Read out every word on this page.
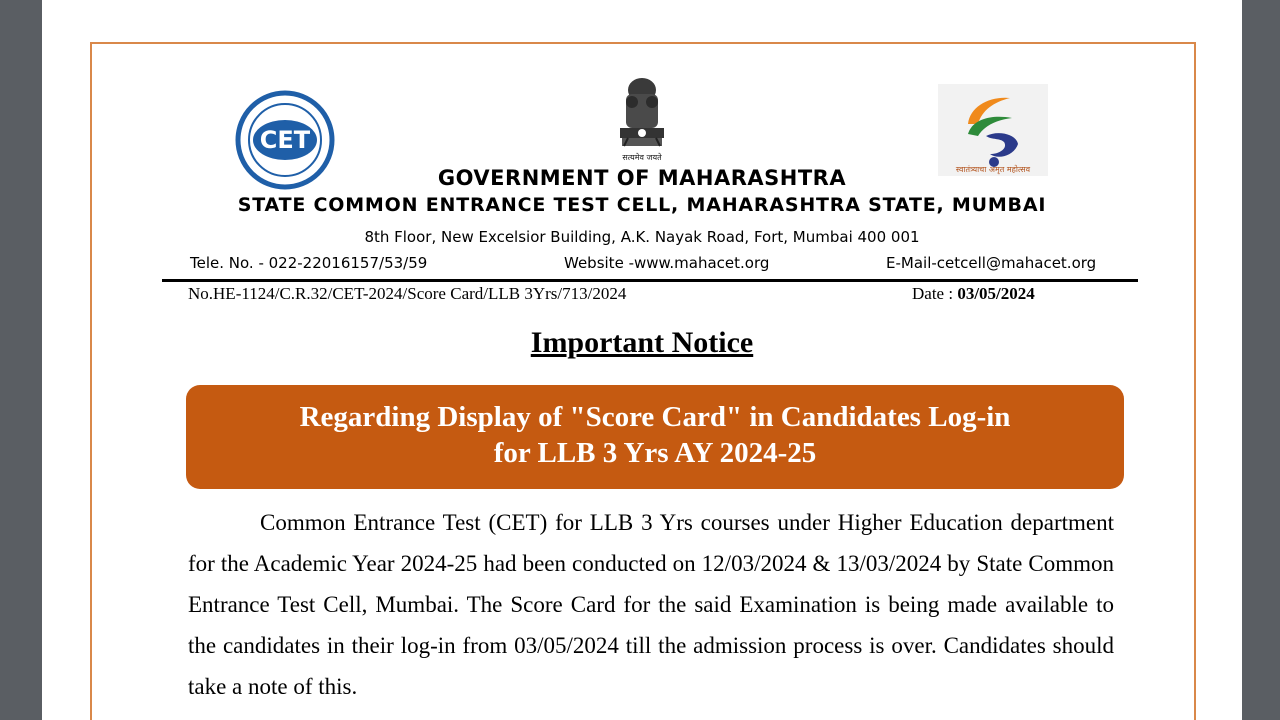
CET
सत्यमेव जयते
स्वातंत्र्याचा अमृत महोत्सव
GOVERNMENT OF MAHARASHTRA
STATE COMMON ENTRANCE TEST CELL, MAHARASHTRA STATE, MUMBAI
8th Floor, New Excelsior Building, A.K. Nayak Road, Fort, Mumbai 400 001
Tele. No. - 022-22016157/53/59	Website -www.mahacet.org	E-Mail-cetcell@mahacet.org
No.HE-1124/C.R.32/CET-2024/Score Card/LLB 3Yrs/713/2024	Date : 03/05/2024
Important Notice
Regarding Display of "Score Card" in Candidates Log-in
for LLB 3 Yrs AY 2024-25
Common Entrance Test (CET) for LLB 3 Yrs courses under Higher Education department for the Academic Year 2024-25 had been conducted on 12/03/2024 & 13/03/2024 by State Common Entrance Test Cell, Mumbai. The Score Card for the said Examination is being made available to the candidates in their log-in from 03/05/2024 till the admission process is over. Candidates should take a note of this.
